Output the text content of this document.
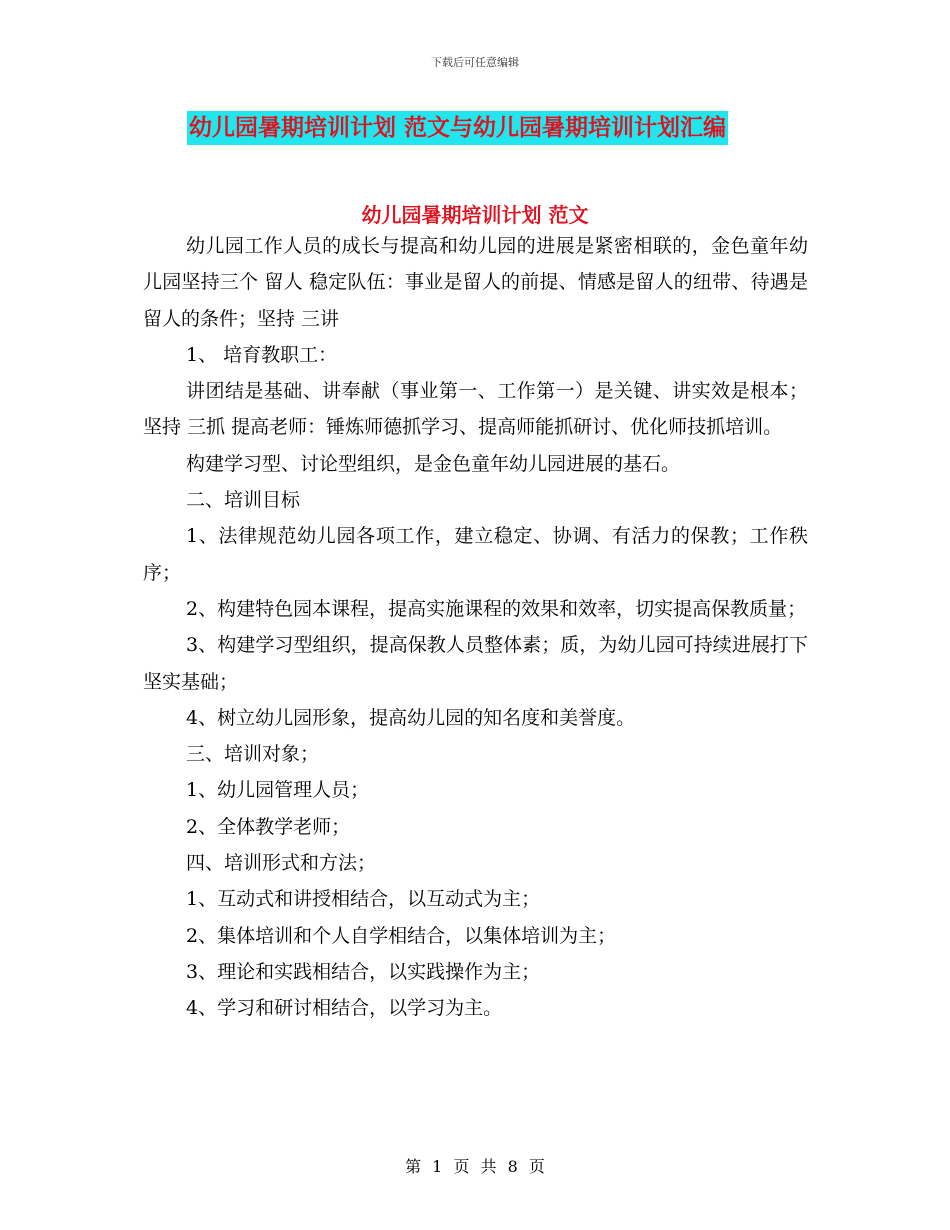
下载后可任意编辑
幼儿园暑期培训计划 范文与幼儿园暑期培训计划汇编
幼儿园暑期培训计划 范文

幼儿园工作人员的成长与提高和幼儿园的进展是紧密相联的，金色童年幼儿园坚持三个 留人 稳定队伍：事业是留人的前提、情感是留人的纽带、待遇是留人的条件；坚持 三讲

1、 培育教职工：

讲团结是基础、讲奉献（事业第一、工作第一）是关键、讲实效是根本；坚持 三抓 提高老师：锤炼师德抓学习、提高师能抓研讨、优化师技抓培训。

构建学习型、讨论型组织，是金色童年幼儿园进展的基石。

二、培训目标

1、法律规范幼儿园各项工作，建立稳定、协调、有活力的保教；工作秩序；

2、构建特色园本课程，提高实施课程的效果和效率，切实提高保教质量；

3、构建学习型组织，提高保教人员整体素；质，为幼儿园可持续进展打下坚实基础；

4、树立幼儿园形象，提高幼儿园的知名度和美誉度。

三、培训对象；

1、幼儿园管理人员；

2、全体教学老师；

四、培训形式和方法；

1、互动式和讲授相结合，以互动式为主；

2、集体培训和个人自学相结合，以集体培训为主；

3、理论和实践相结合，以实践操作为主；

4、学习和研讨相结合，以学习为主。

第 1 页 共 8 页
